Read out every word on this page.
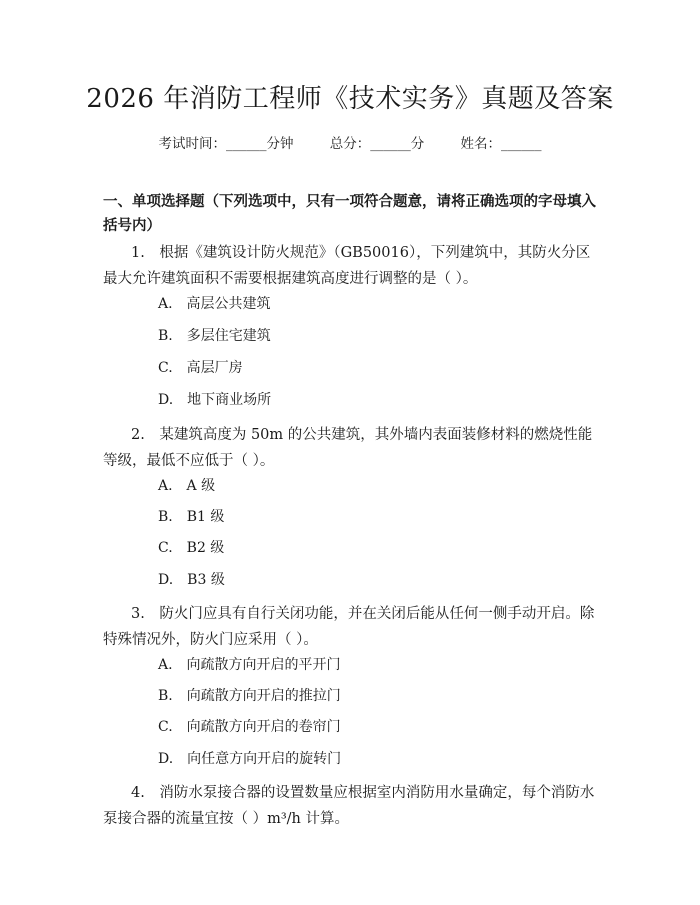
2026 年消防工程师《技术实务》真题及答案
考试时间：______分钟	总分：______分	姓名：______
一、单项选择题（下列选项中，只有一项符合题意，请将正确选项的字母填入括号内）
1.　根据《建筑设计防火规范》（GB50016），下列建筑中，其防火分区最大允许建筑面积不需要根据建筑高度进行调整的是（ ）。
A.　高层公共建筑
B.　多层住宅建筑
C.　高层厂房
D.　地下商业场所
2.　某建筑高度为 50m 的公共建筑，其外墙内表面装修材料的燃烧性能等级，最低不应低于（ ）。
A.　A 级
B.　B1 级
C.　B2 级
D.　B3 级
3.　防火门应具有自行关闭功能，并在关闭后能从任何一侧手动开启。除特殊情况外，防火门应采用（ ）。
A.　向疏散方向开启的平开门
B.　向疏散方向开启的推拉门
C.　向疏散方向开启的卷帘门
D.　向任意方向开启的旋转门
4.　消防水泵接合器的设置数量应根据室内消防用水量确定，每个消防水泵接合器的流量宜按（ ）m³/h 计算。
